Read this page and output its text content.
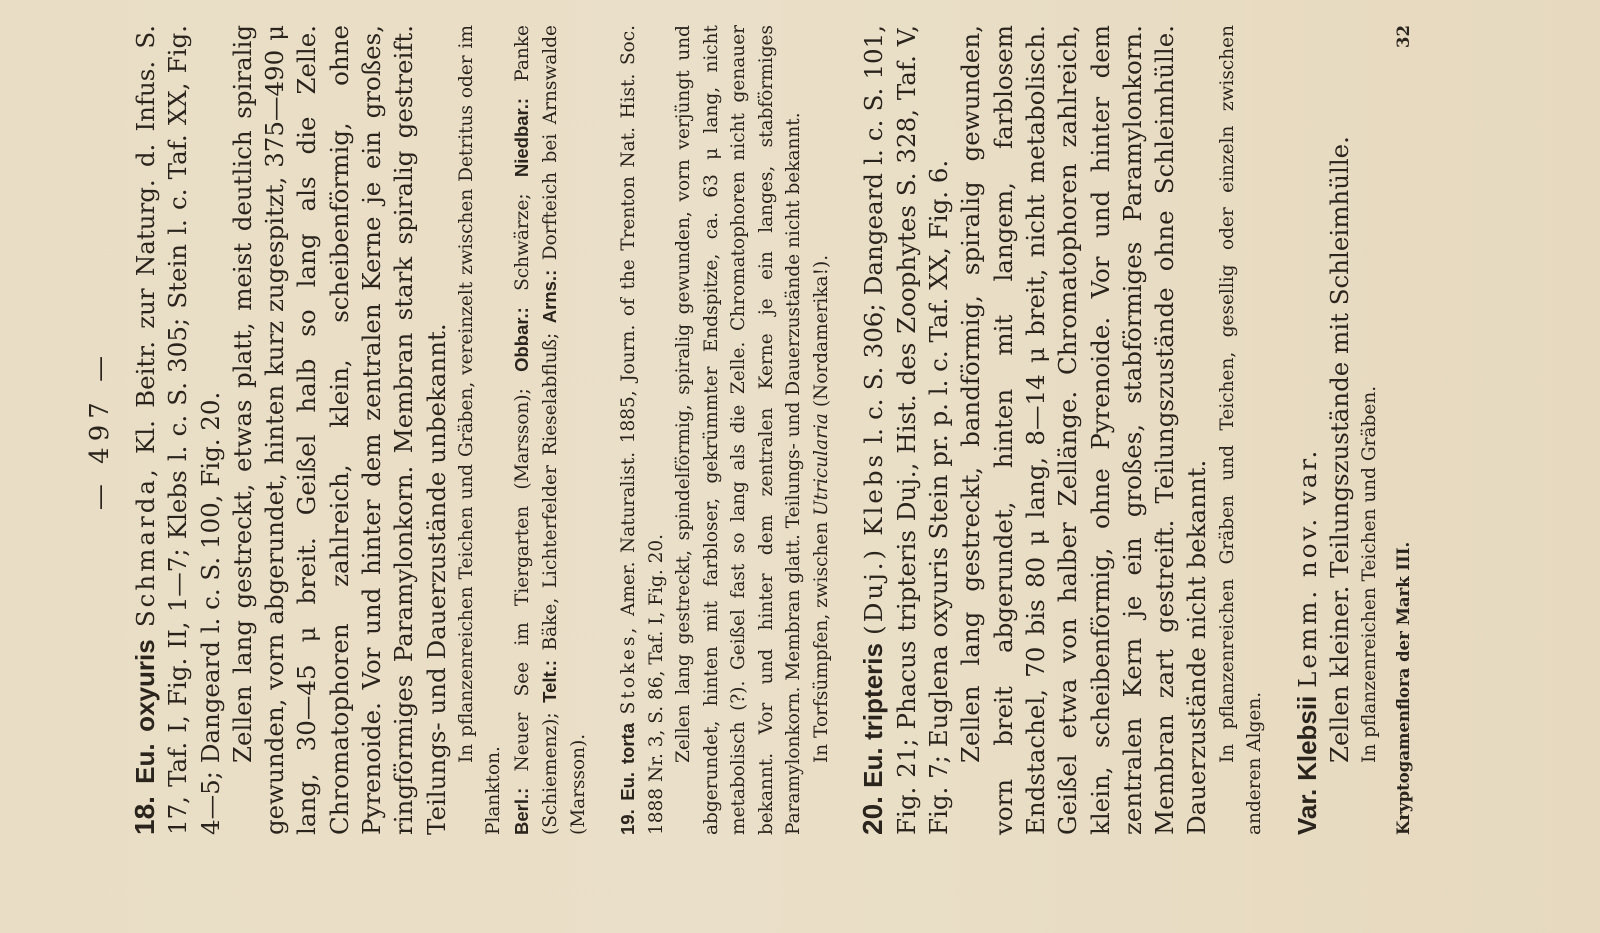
— 497 —

18. Eu. oxyuris Schmarda, Kl. Beitr. zur Naturg. d. Infus. S. 17, Taf. I, Fig. II, 1—7; Klebs l. c. S. 305; Stein l. c. Taf. XX, Fig. 4—5; Dangeard l. c. S. 100, Fig. 20. Zellen lang gestreckt, etwas platt, meist deutlich spiralig gewunden, vorn abgerundet, hinten kurz zugespitzt, 375—490 μ lang, 30—45 μ breit. Geißel halb so lang als die Zelle. Chromatophoren zahlreich, klein, scheibenförmig, ohne Pyrenoide. Vor und hinter dem zentralen Kerne je ein großes, ringförmiges Paramylonkorn. Membran stark spiralig gestreift. Teilungs- und Dauerzustände unbekannt. In pflanzenreichen Teichen und Gräben, vereinzelt zwischen Detritus oder im Plankton. Berl.: Neuer See im Tiergarten (Marsson); Obbar.: Schwärze; Niedbar.: Panke (Schiemenz); Telt.: Bäke, Lichterfelder Rieselabfluß; Arns.: Dorfteich bei Arnswalde (Marsson). 19. Eu. torta Stokes, Amer. Naturalist. 1885, Journ. of the Trenton Nat. Hist. Soc. 1888 Nr. 3, S. 86, Taf. I, Fig. 20. Zellen lang gestreckt, spindelförmig, spiralig gewunden, vorn verjüngt und abgerundet, hinten mit farbloser, gekrümmter Endspitze, ca. 63 μ lang, nicht metabolisch (?). Geißel fast so lang als die Zelle. Chromatophoren nicht genauer bekannt. Vor und hinter dem zentralen Kerne je ein langes, stabförmiges Paramylonkorn. Membran glatt. Teilungs- und Dauerzustände nicht bekannt. In Torfsümpfen, zwischen Utricularia (Nordamerika!).

20. Eu. tripteris (Duj.) Klebs l. c. S. 306; Dangeard l. c. S. 101, Fig. 21; Phacus tripteris Duj., Hist. des Zoophytes S. 328, Taf. V, Fig. 7; Euglena oxyuris Stein pr. p. l. c. Taf. XX, Fig. 6. Zellen lang gestreckt, bandförmig, spiralig gewunden, vorn breit abgerundet, hinten mit langem, farblosem Endstachel, 70 bis 80 μ lang, 8—14 μ breit, nicht metabolisch. Geißel etwa von halber Zellänge. Chromatophoren zahlreich, klein, scheibenförmig, ohne Pyrenoide. Vor und hinter dem zentralen Kern je ein großes, stabförmiges Paramylonkorn. Membran zart gestreift. Teilungszustände ohne Schleimhülle. Dauerzustände nicht bekannt. In pflanzenreichen Gräben und Teichen, gesellig oder einzeln zwischen anderen Algen. Var. Klebsii Lemm. nov. var. Zellen kleiner. Teilungszustände mit Schleimhülle. In pflanzenreichen Teichen und Gräben. Kryptogamenflora der Mark III.
32
